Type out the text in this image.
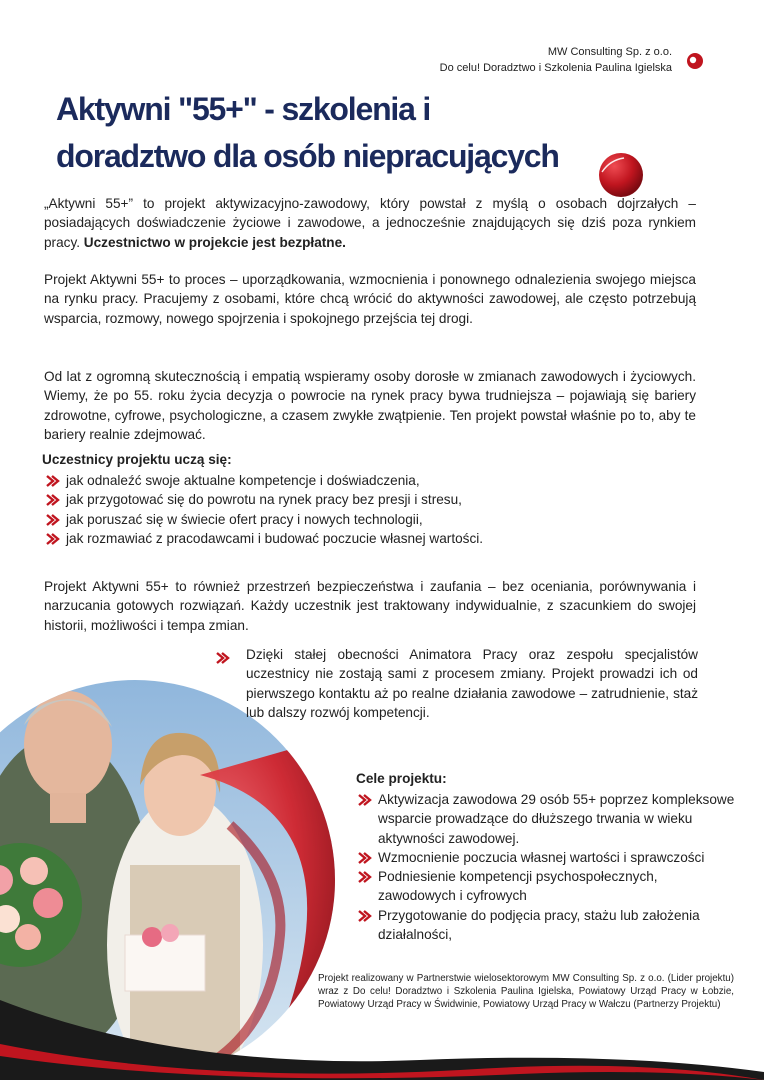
MW Consulting Sp. z o.o.
Do celu! Doradztwo i Szkolenia Paulina Igielska
Aktywni "55+" - szkolenia i
doradztwo dla osób niepracujących

„Aktywni 55+” to projekt aktywizacyjno-zawodowy, który powstał z myślą o osobach dojrzałych – posiadających doświadczenie życiowe i zawodowe, a jednocześnie znajdujących się dziś poza rynkiem pracy. Uczestnictwo w projekcie jest bezpłatne.

Projekt Aktywni 55+ to proces – uporządkowania, wzmocnienia i ponownego odnalezienia swojego miejsca na rynku pracy. Pracujemy z osobami, które chcą wrócić do aktywności zawodowej, ale często potrzebują wsparcia, rozmowy, nowego spojrzenia i spokojnego przejścia tej drogi.

Od lat z ogromną skutecznością i empatią wspieramy osoby dorosłe w zmianach zawodowych i życiowych. Wiemy, że po 55. roku życia decyzja o powrocie na rynek pracy bywa trudniejsza – pojawiają się bariery zdrowotne, cyfrowe, psychologiczne, a czasem zwykłe zwątpienie. Ten projekt powstał właśnie po to, aby te bariery realnie zdejmować.

Uczestnicy projektu uczą się:

jak odnaleźć swoje aktualne kompetencje i doświadczenia,
jak przygotować się do powrotu na rynek pracy bez presji i stresu,
jak poruszać się w świecie ofert pracy i nowych technologii,
jak rozmawiać z pracodawcami i budować poczucie własnej wartości.

Projekt Aktywni 55+ to również przestrzeń bezpieczeństwa i zaufania – bez oceniania, porównywania i narzucania gotowych rozwiązań. Każdy uczestnik jest traktowany indywidualnie, z szacunkiem do swojej historii, możliwości i tempa zmian.

Dzięki stałej obecności Animatora Pracy oraz zespołu specjalistów uczestnicy nie zostają sami z procesem zmiany. Projekt prowadzi ich od pierwszego kontaktu aż po realne działania zawodowe – zatrudnienie, staż lub dalszy rozwój kompetencji.

Cele projektu:

Aktywizacja zawodowa 29 osób 55+ poprzez kompleksowe wsparcie prowadzące do dłuższego trwania w wieku aktywności zawodowej.
Wzmocnienie poczucia własnej wartości i sprawczości
Podniesienie kompetencji psychospołecznych, zawodowych i cyfrowych
Przygotowanie do podjęcia pracy, stażu lub założenia działalności,

Projekt realizowany w Partnerstwie wielosektorowym MW Consulting Sp. z o.o. (Lider projektu) wraz z Do celu! Doradztwo i Szkolenia Paulina Igielska, Powiatowy Urząd Pracy w Łobzie, Powiatowy Urząd Pracy w Świdwinie, Powiatowy Urząd Pracy w Wałczu (Partnerzy Projektu)
